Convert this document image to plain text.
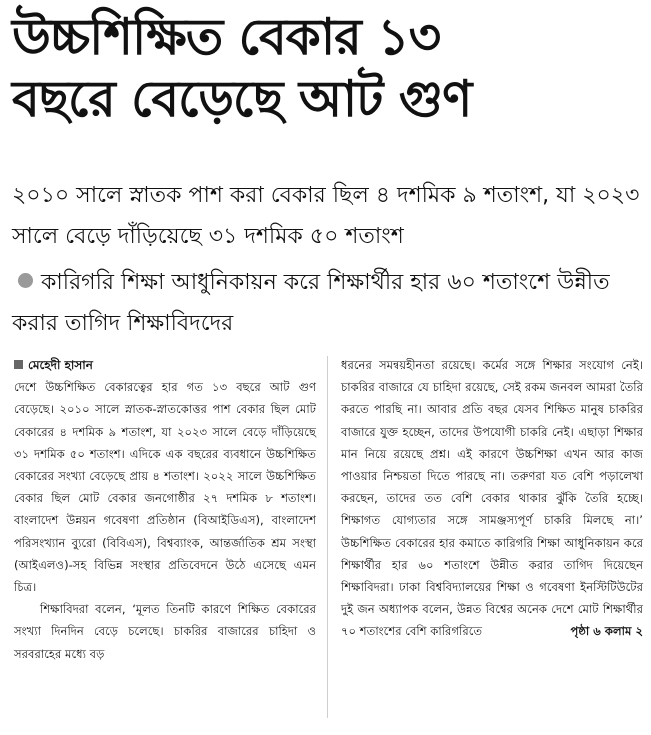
উচ্চশিক্ষিত বেকার ১৩
বছরে বেড়েছে আট গুণ
২০১০ সালে স্নাতক পাশ করা বেকার ছিল ৪ দশমিক ৯ শতাংশ, যা ২০২৩ সালে বেড়ে দাঁড়িয়েছে ৩১ দশমিক ৫০ শতাংশ
কারিগরি শিক্ষা আধুনিকায়ন করে শিক্ষার্থীর হার ৬০ শতাংশে উন্নীত করার তাগিদ শিক্ষাবিদদের
মেহেদী হাসান

দেশে উচ্চশিক্ষিত বেকারত্বের হার গত ১৩ বছরে আট গুণ বেড়েছে। ২০১০ সালে স্নাতক-স্নাতকোত্তর পাশ বেকার ছিল মোট বেকারের ৪ দশমিক ৯ শতাংশ, যা ২০২৩ সালে বেড়ে দাঁড়িয়েছে ৩১ দশমিক ৫০ শতাংশ। এদিকে এক বছরের ব্যবধানে উচ্চশিক্ষিত বেকারের সংখ্যা বেড়েছে প্রায় ৪ শতাংশ। ২০২২ সালে উচ্চশিক্ষিত বেকার ছিল মোট বেকার জনগোষ্ঠীর ২৭ দশমিক ৮ শতাংশ। বাংলাদেশ উন্নয়ন গবেষণা প্রতিষ্ঠান (বিআইডিএস), বাংলাদেশ পরিসংখ্যান ব্যুরো (বিবিএস), বিশ্বব্যাংক, আন্তর্জাতিক শ্রম সংস্থা (আইএলও)-সহ বিভিন্ন সংস্থার প্রতিবেদনে উঠে এসেছে এমন চিত্র।

শিক্ষাবিদরা বলেন, ‘মূলত তিনটি কারণে শিক্ষিত বেকারের সংখ্যা দিনদিন বেড়ে চলেছে। চাকরির বাজারের চাহিদা ও সরবরাহের মধ্যে বড়

ধরনের সমন্বয়হীনতা রয়েছে। কর্মের সঙ্গে শিক্ষার সংযোগ নেই। চাকরির বাজারে যে চাহিদা রয়েছে, সেই রকম জনবল আমরা তৈরি করতে পারছি না। আবার প্রতি বছর যেসব শিক্ষিত মানুষ চাকরির বাজারে যুক্ত হচ্ছেন, তাদের উপযোগী চাকরি নেই। এছাড়া শিক্ষার মান নিয়ে রয়েছে প্রশ্ন। এই কারণে উচ্চশিক্ষা এখন আর কাজ পাওয়ার নিশ্চয়তা দিতে পারছে না। তরুণরা যত বেশি পড়ালেখা করছেন, তাদের তত বেশি বেকার থাকার ঝুঁকি তৈরি হচ্ছে। শিক্ষাগত যোগ্যতার সঙ্গে সামঞ্জস্যপূর্ণ চাকরি মিলছে না।’ উচ্চশিক্ষিত বেকারের হার কমাতে কারিগরি শিক্ষা আধুনিকায়ন করে শিক্ষার্থীর হার ৬০ শতাংশে উন্নীত করার তাগিদ দিয়েছেন শিক্ষাবিদরা। ঢাকা বিশ্ববিদ্যালয়ের শিক্ষা ও গবেষণা ইনস্টিটিউটের দুই জন অধ্যাপক বলেন, উন্নত বিশ্বের অনেক দেশে মোট শিক্ষার্থীর ৭০ শতাংশের বেশি কারিগরিতে	পৃষ্ঠা ৬ কলাম ২
